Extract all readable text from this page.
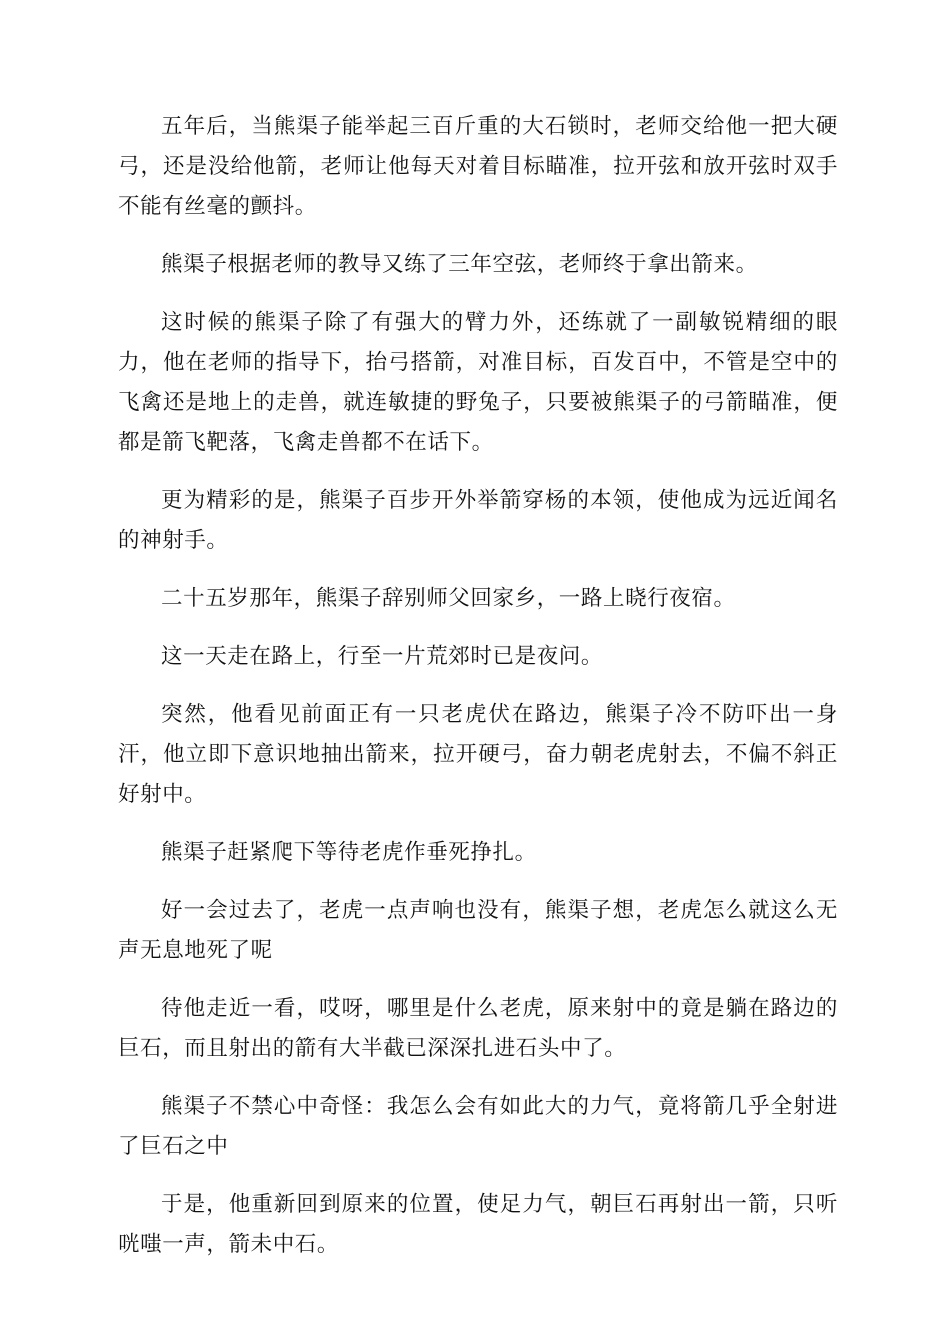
五年后，当熊渠子能举起三百斤重的大石锁时，老师交给他一把大硬弓，还是没给他箭，老师让他每天对着目标瞄准，拉开弦和放开弦时双手不能有丝毫的颤抖。

熊渠子根据老师的教导又练了三年空弦，老师终于拿出箭来。

这时候的熊渠子除了有强大的臂力外，还练就了一副敏锐精细的眼力，他在老师的指导下，抬弓搭箭，对准目标，百发百中，不管是空中的飞禽还是地上的走兽，就连敏捷的野兔子，只要被熊渠子的弓箭瞄准，便都是箭飞靶落，飞禽走兽都不在话下。

更为精彩的是，熊渠子百步开外举箭穿杨的本领，使他成为远近闻名的神射手。

二十五岁那年，熊渠子辞别师父回家乡，一路上晓行夜宿。

这一天走在路上，行至一片荒郊时已是夜问。

突然，他看见前面正有一只老虎伏在路边，熊渠子冷不防吓出一身汗，他立即下意识地抽出箭来，拉开硬弓，奋力朝老虎射去，不偏不斜正好射中。

熊渠子赶紧爬下等待老虎作垂死挣扎。

好一会过去了，老虎一点声响也没有，熊渠子想，老虎怎么就这么无声无息地死了呢

待他走近一看，哎呀，哪里是什么老虎，原来射中的竟是躺在路边的巨石，而且射出的箭有大半截已深深扎进石头中了。

熊渠子不禁心中奇怪：我怎么会有如此大的力气，竟将箭几乎全射进了巨石之中

于是，他重新回到原来的位置，使足力气，朝巨石再射出一箭，只听咣嗤一声，箭未中石。
